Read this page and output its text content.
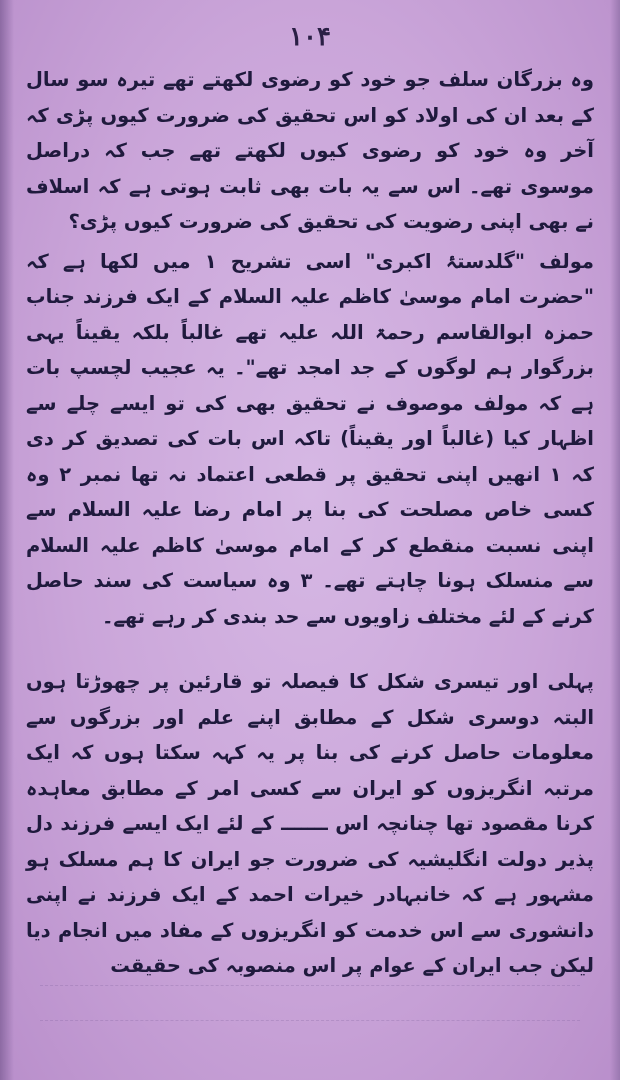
۱۰۴

وہ بزرگان سلف جو خود کو رضوی لکھتے تھے تیرہ سو سال کے بعد ان کی اولاد کو اس تحقیق کی ضرورت کیوں پڑی کہ آخر وہ خود کو رضوی کیوں لکھتے تھے جب کہ دراصل موسوی تھے۔ اس سے یہ بات بھی ثابت ہوتی ہے کہ اسلاف نے بھی اپنی رضویت کی تحقیق کی ضرورت کیوں پڑی؟

مولف "گلدستۂ اکبری" اسی تشریح ۱ میں لکھا ہے کہ "حضرت امام موسیٰ کاظم علیہ السلام کے ایک فرزند جناب حمزہ ابوالقاسم رحمۃ اللہ علیہ تھے غالباً بلکہ یقیناً یہی بزرگوار ہم لوگوں کے جد امجد تھے"۔ یہ عجیب لچسپ بات ہے کہ مولف موصوف نے تحقیق بھی کی تو ایسے چلے سے اظہار کیا (غالباً اور یقیناً) تاکہ اس بات کی تصدیق کر دی کہ ۱ انھیں اپنی تحقیق پر قطعی اعتماد نہ تھا نمبر ۲ وہ کسی خاص مصلحت کی بنا پر امام رضا علیہ السلام سے اپنی نسبت منقطع کر کے امام موسیٰ کاظم علیہ السلام سے منسلک ہونا چاہتے تھے۔ ۳ وہ سیاست کی سند حاصل کرنے کے لئے مختلف زاویوں سے حد بندی کر رہے تھے۔

پہلی اور تیسری شکل کا فیصلہ تو قارئین پر چھوڑتا ہوں البتہ دوسری شکل کے مطابق اپنے علم اور بزرگوں سے معلومات حاصل کرنے کی بنا پر یہ کہہ سکتا ہوں کہ ایک مرتبہ انگریزوں کو ایران سے کسی امر کے مطابق معاہدہ کرنا مقصود تھا چنانچہ اس ـــــــ کے لئے ایک ایسے فرزند دل پذیر دولت انگلیشیہ کی ضرورت جو ایران کا ہم مسلک ہو مشہور ہے کہ خانبہادر خیرات احمد کے ایک فرزند نے اپنی دانشوری سے اس خدمت کو انگریزوں کے مفاد میں انجام دیا لیکن جب ایران کے عوام پر اس منصوبہ کی حقیقت
